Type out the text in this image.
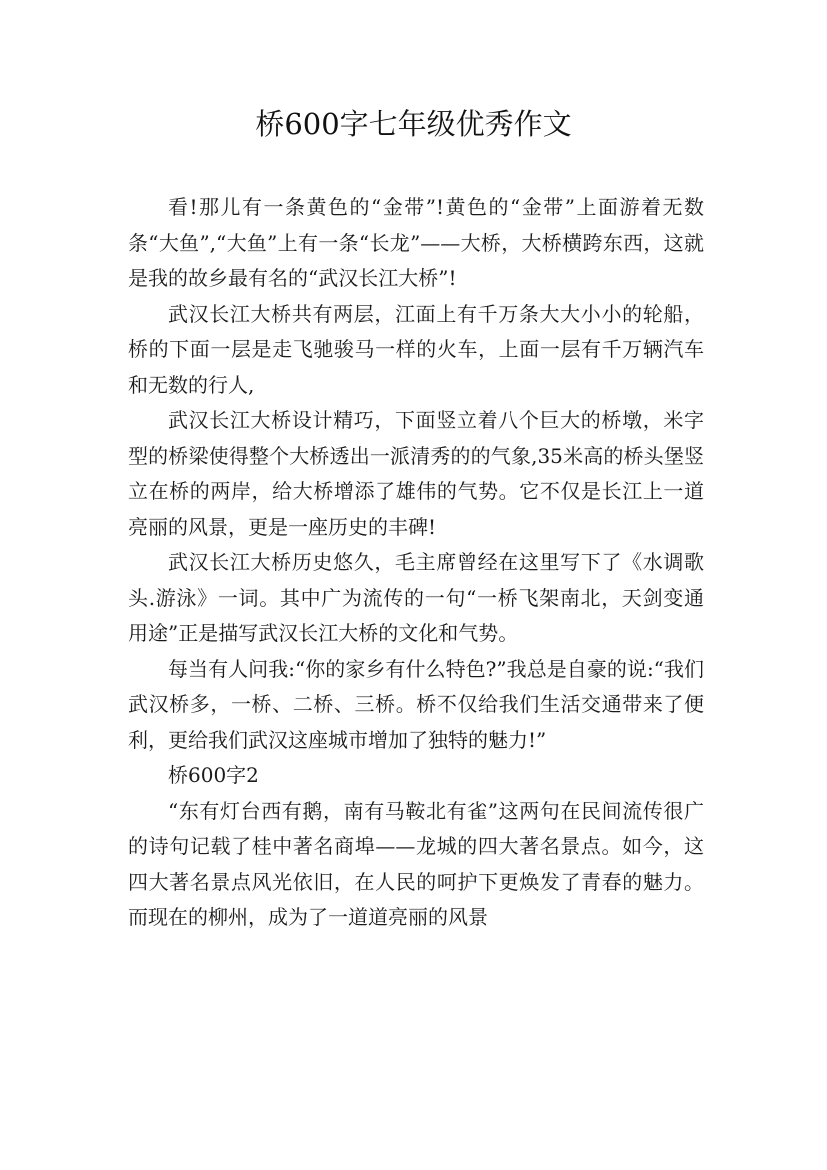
桥600字七年级优秀作文

看!那儿有一条黄色的“金带”!黄色的“金带”上面游着无数条“大鱼”,“大鱼”上有一条“长龙”——大桥，大桥横跨东西，这就是我的故乡最有名的“武汉长江大桥”!

武汉长江大桥共有两层，江面上有千万条大大小小的轮船，桥的下面一层是走飞驰骏马一样的火车，上面一层有千万辆汽车和无数的行人,

武汉长江大桥设计精巧，下面竖立着八个巨大的桥墩，米字型的桥梁使得整个大桥透出一派清秀的的气象,35米高的桥头堡竖立在桥的两岸，给大桥增添了雄伟的气势。它不仅是长江上一道亮丽的风景，更是一座历史的丰碑!

武汉长江大桥历史悠久，毛主席曾经在这里写下了《水调歌头.游泳》一词。其中广为流传的一句“一桥飞架南北，天剑变通用途”正是描写武汉长江大桥的文化和气势。

每当有人问我:“你的家乡有什么特色?”我总是自豪的说:“我们武汉桥多，一桥、二桥、三桥。桥不仅给我们生活交通带来了便利，更给我们武汉这座城市增加了独特的魅力!”

桥600字2

“东有灯台西有鹅，南有马鞍北有雀”这两句在民间流传很广的诗句记载了桂中著名商埠——龙城的四大著名景点。如今，这四大著名景点风光依旧，在人民的呵护下更焕发了青春的魅力。而现在的柳州，成为了一道道亮丽的风景
